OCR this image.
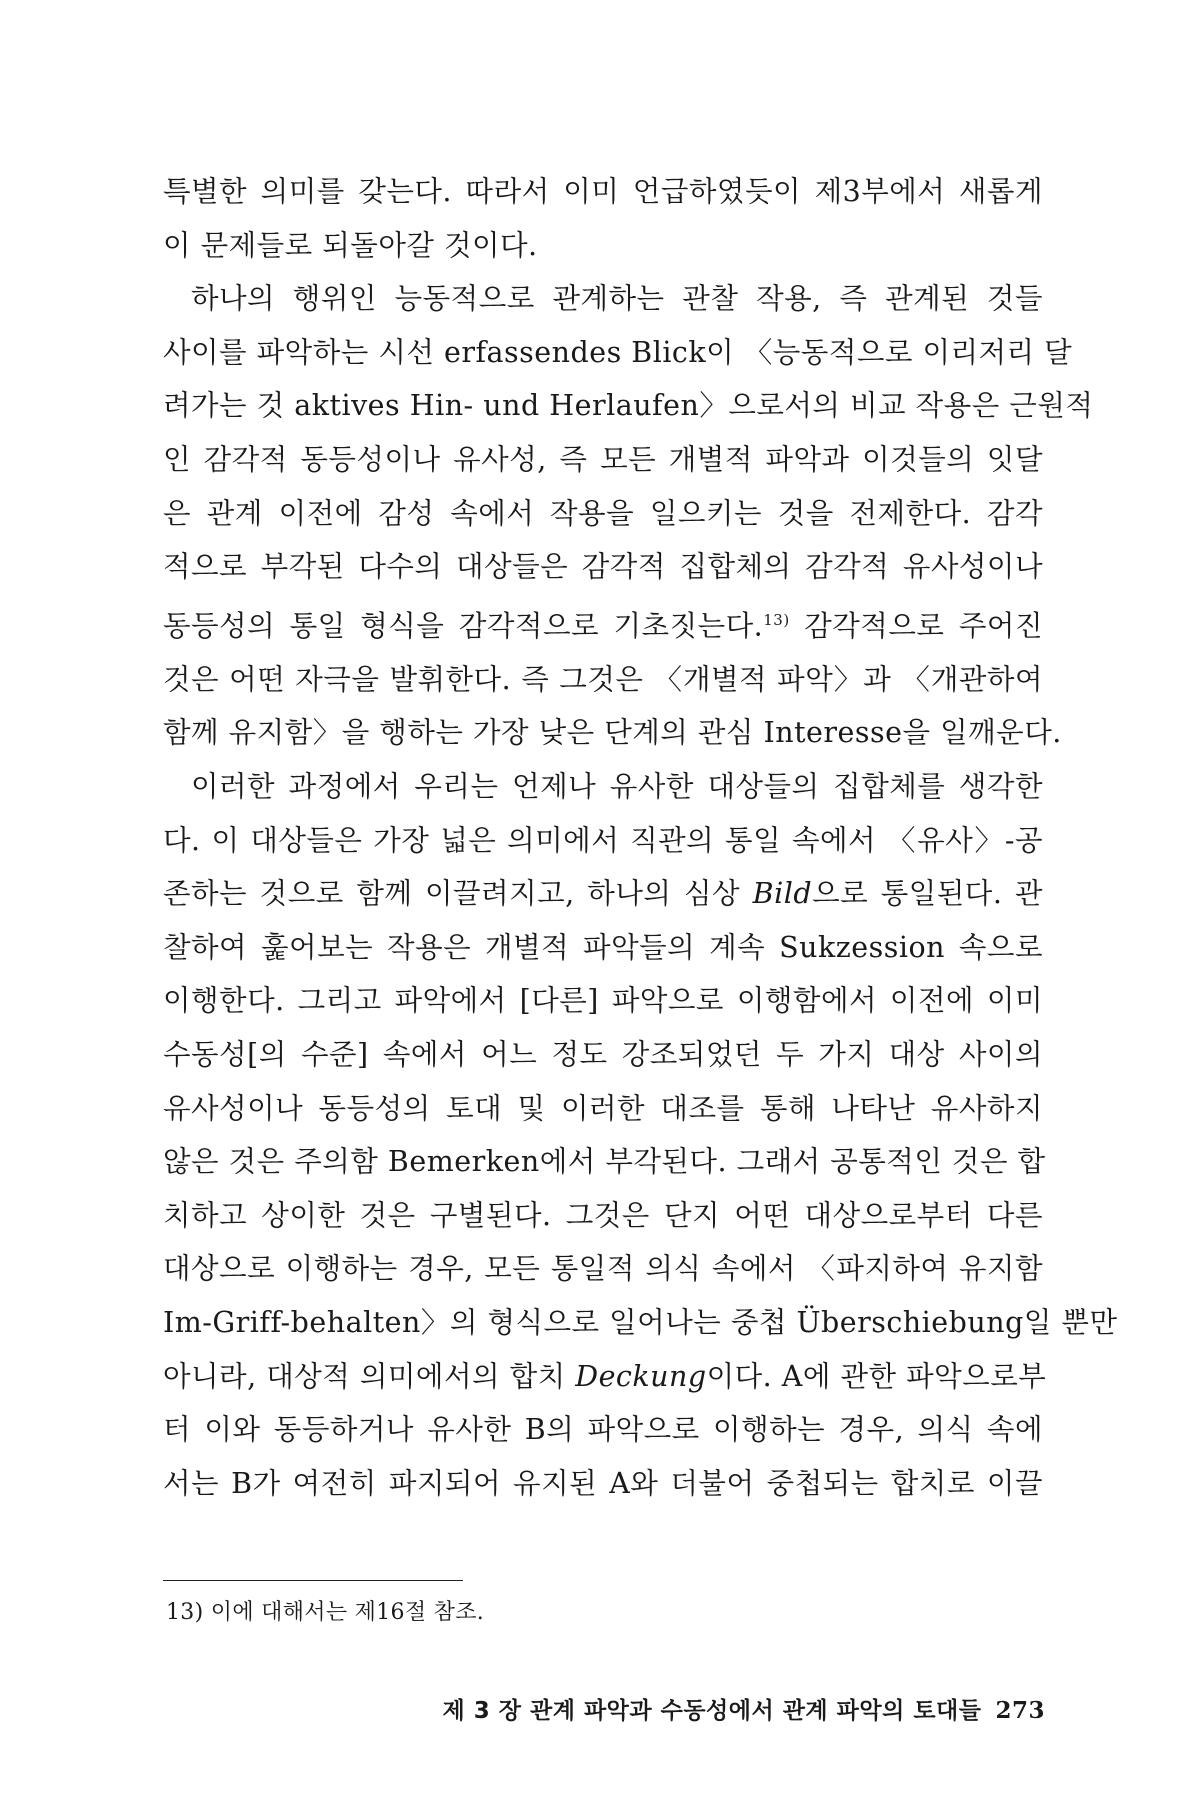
특별한 의미를 갖는다. 따라서 이미 언급하였듯이 제3부에서 새롭게
이 문제들로 되돌아갈 것이다.
하나의 행위인 능동적으로 관계하는 관찰 작용, 즉 관계된 것들
사이를 파악하는 시선 erfassendes Blick이 〈능동적으로 이리저리 달
려가는 것 aktives Hin- und Herlaufen〉으로서의 비교 작용은 근원적
인 감각적 동등성이나 유사성, 즉 모든 개별적 파악과 이것들의 잇달
은 관계 이전에 감성 속에서 작용을 일으키는 것을 전제한다. 감각
적으로 부각된 다수의 대상들은 감각적 집합체의 감각적 유사성이나
동등성의 통일 형식을 감각적으로 기초짓는다.$^{13)}$ 감각적으로 주어진
것은 어떤 자극을 발휘한다. 즉 그것은 〈개별적 파악〉과 〈개관하여
함께 유지함〉을 행하는 가장 낮은 단계의 관심 Interesse을 일깨운다.
이러한 과정에서 우리는 언제나 유사한 대상들의 집합체를 생각한
다. 이 대상들은 가장 넓은 의미에서 직관의 통일 속에서 〈유사〉-공
존하는 것으로 함께 이끌려지고, 하나의 심상 Bild으로 통일된다. 관
찰하여 훑어보는 작용은 개별적 파악들의 계속 Sukzession 속으로
이행한다. 그리고 파악에서 [다른] 파악으로 이행함에서 이전에 이미
수동성[의 수준] 속에서 어느 정도 강조되었던 두 가지 대상 사이의
유사성이나 동등성의 토대 및 이러한 대조를 통해 나타난 유사하지
않은 것은 주의함 Bemerken에서 부각된다. 그래서 공통적인 것은 합
치하고 상이한 것은 구별된다. 그것은 단지 어떤 대상으로부터 다른
대상으로 이행하는 경우, 모든 통일적 의식 속에서 〈파지하여 유지함
Im-Griff-behalten〉의 형식으로 일어나는 중첩 Überschiebung일 뿐만
아니라, 대상적 의미에서의 합치 Deckung이다. A에 관한 파악으로부
터 이와 동등하거나 유사한 B의 파악으로 이행하는 경우, 의식 속에
서는 B가 여전히 파지되어 유지된 A와 더불어 중첩되는 합치로 이끌
13) 이에 대해서는 제16절 참조.
제 3 장 관계 파악과 수동성에서 관계 파악의 토대들 273
